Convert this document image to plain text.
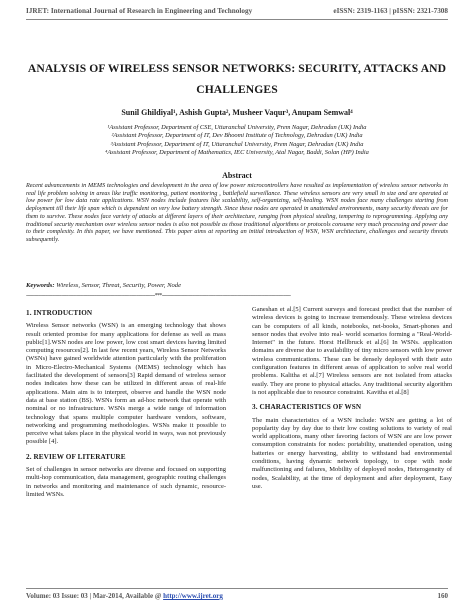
IJRET: International Journal of Research in Engineering and Technology	eISSN: 2319-1163 | pISSN: 2321-7308
ANALYSIS OF WIRELESS SENSOR NETWORKS: SECURITY, ATTACKS AND CHALLENGES
Sunil Ghildiyal¹, Ashish Gupta², Musheer Vaqur³, Anupam Semwal⁴
¹Assistant Professor, Department of CSE, Uttaranchal University, Prem Nagar, Dehradun (UK) India
²Assistant Professor, Department of IT, Dev Bhoomi Institute of Technology, Dehradun (UK) India
³Assistant Professor, Department of IT, Uttaranchal University, Prem Nagar, Dehradun (UK) India
⁴Assistant Professor, Department of Mathematics, IEC University, Atal Nagar, Baddi, Solan (HP) India
Abstract
Recent advancements in MEMS technologies and development in the area of low power microcontrollers have resulted as implementation of wireless sensor networks in real life problem solving in areas like traffic monitoring, patient monitoring , battlefield surveillance. These wireless sensors are very small in size and are operated at low power for low data rate applications. WSN nodes include features like scalability, self-organizing, self-healing. WSN nodes face many challenges starting from deployment till their life span which is dependent on very low battery strength. Since these nodes are operated in unattended environments, many security threats are for them to survive. These nodes face variety of attacks at different layers of their architecture, ranging from physical stealing, tempering to reprogramming. Applying any traditional security mechanism over wireless sensor nodes is also not possible as those traditional algorithms or protocols consume very much processing and power due to their complexity. In this paper, we have mentioned. This paper aims at reporting an initial introduction of WSN, WSN architecture, challenges and security threats subsequently.
Keywords: Wireless, Sensor, Threat, Security, Power, Node
--------------------------------------------------------------------------------------------***--------------------------------------------------------------------------------------------
1. INTRODUCTION

Wireless Sensor networks (WSN) is an emerging technology that shows result oriented promise for many applications for defense as well as mass public[1].WSN nodes are low power, low cost smart devices having limited computing resources[2]. In last few recent years, Wireless Sensor Networks (WSNs) have gained worldwide attention particularly with the proliferation in Micro-Electro-Mechanical Systems (MEMS) technology which has facilitated the development of sensors[3] Rapid demand of wireless sensor nodes indicates how these can be utilized in different areas of real-life applications. Main aim is to interpret, observe and handle the WSN node data at base station (BS). WSNs form an ad-hoc network that operate with nominal or no infrastructure. WSNs merge a wide range of information technology that spans multiple computer hardware vendors, software, networking and programming methodologies. WSNs make it possible to perceive what takes place in the physical world in ways, was not previously possible [4].

2. REVIEW OF LITERATURE

Set of challenges in sensor networks are diverse and focused on supporting multi-hop communication, data management, geographic routing challenges in networks and monitoring and maintenance of such dynamic, resource-limited WSNs.

Ganeshan et al.[5] Current surveys and forecast predict that the number of wireless devices is going to increase tremendously. These wireless devices can be computers of all kinds, notebooks, net-books, Smart-phones and sensor nodes that evolve into real- world scenarios forming a "Real-World-Internet" in the future. Horst Hellbruck et al.[6] In WSNs. application domains are diverse due to availability of tiny micro sensors with low power wireless communications. These can be densely deployed with their auto configuration features in different areas of application to solve real world problems. Kalitha et al.[7] Wireless sensors are not isolated from attacks easily. They are prone to physical attacks. Any traditional security algorithm is not applicable due to resource constraint. Kavitha et al.[8]

3. CHARACTERISTICS OF WSN

The main characteristics of a WSN include: WSN are getting a lot of popularity day by day due to their low costing solutions to variety of real world applications, many other favoring factors of WSN are are low power consumption constraints for nodes: portability, unattended operation, using batteries or energy harvesting, ability to withstand bad environmental conditions, having dynamic network topology, to cope with node malfunctioning and failures, Mobility of deployed nodes, Heterogeneity of nodes, Scalability, at the time of deployment and after deployment, Easy use.

Volume: 03 Issue: 03 | Mar-2014, Available @ http://www.ijret.org	160
